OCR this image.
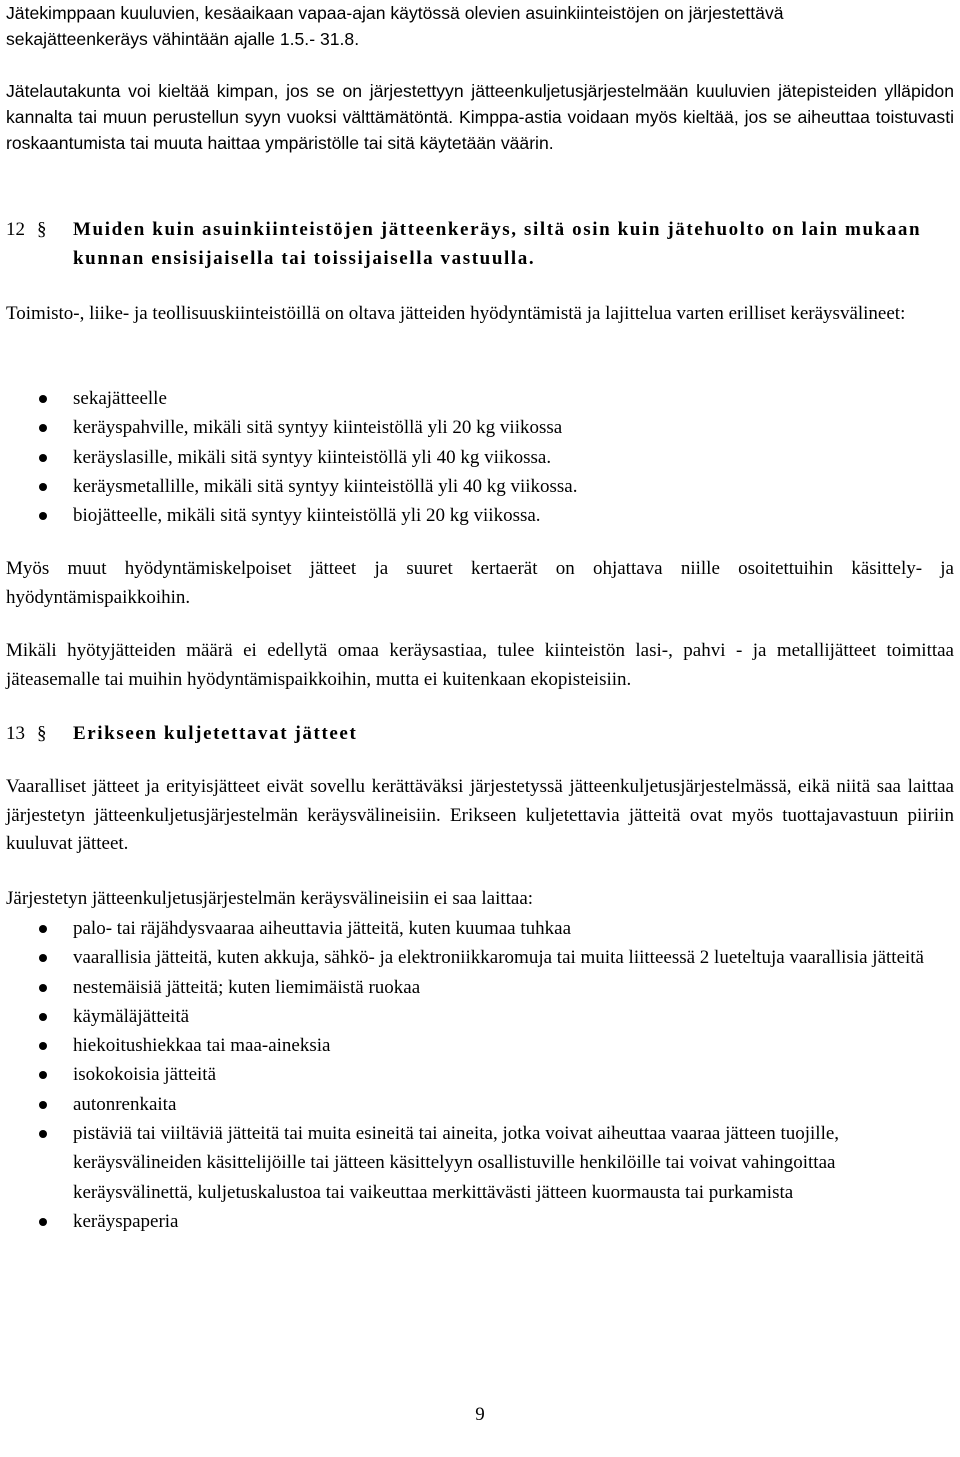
Jätekimppaan kuuluvien, kesäaikaan vapaa-ajan käytössä olevien asuinkiinteistöjen on järjestettävä

sekajätteenkeräys vähintään ajalle 1.5.- 31.8.

Jätelautakunta voi kieltää kimpan, jos se on järjestettyyn jätteenkuljetusjärjestelmään kuuluvien jätepisteiden ylläpidon kannalta tai muun perustellun syyn vuoksi välttämätöntä. Kimppa-astia voidaan myös kieltää, jos se aiheuttaa toistuvasti roskaantumista tai muuta haittaa ympäristölle tai sitä käytetään väärin.

12 § Muiden kuin asuinkiinteistöjen jätteenkeräys, siltä osin kuin jätehuolto on lain mukaan kunnan ensisijaisella tai toissijaisella vastuulla.

Toimisto-, liike- ja teollisuuskiinteistöillä on oltava jätteiden hyödyntämistä ja lajittelua varten erilliset keräysvälineet:

sekajätteelle
keräyspahville, mikäli sitä syntyy kiinteistöllä yli 20 kg viikossa
keräyslasille, mikäli sitä syntyy kiinteistöllä yli 40 kg viikossa.
keräysmetallille, mikäli sitä syntyy kiinteistöllä yli 40 kg viikossa.
biojätteelle, mikäli sitä syntyy kiinteistöllä yli 20 kg viikossa.

Myös muut hyödyntämiskelpoiset jätteet ja suuret kertaerät on ohjattava niille osoitettuihin käsittely- ja hyödyntämispaikkoihin.

Mikäli hyötyjätteiden määrä ei edellytä omaa keräysastiaa, tulee kiinteistön lasi-, pahvi - ja metallijätteet toimittaa jäteasemalle tai muihin hyödyntämispaikkoihin, mutta ei kuitenkaan ekopisteisiin.

13 § Erikseen kuljetettavat jätteet

Vaaralliset jätteet ja erityisjätteet eivät sovellu kerättäväksi järjestetyssä jätteenkuljetusjärjestelmässä, eikä niitä saa laittaa järjestetyn jätteenkuljetusjärjestelmän keräysvälineisiin. Erikseen kuljetettavia jätteitä ovat myös tuottajavastuun piiriin kuuluvat jätteet.

Järjestetyn jätteenkuljetusjärjestelmän keräysvälineisiin ei saa laittaa:

palo- tai räjähdysvaaraa aiheuttavia jätteitä, kuten kuumaa tuhkaa
vaarallisia jätteitä, kuten akkuja, sähkö- ja elektroniikkaromuja tai muita liitteessä 2 lueteltuja vaarallisia jätteitä
nestemäisiä jätteitä; kuten liemimäistä ruokaa
käymäläjätteitä
hiekoitushiekkaa tai maa-aineksia
isokokoisia jätteitä
autonrenkaita
pistäviä tai viiltäviä jätteitä tai muita esineitä tai aineita, jotka voivat aiheuttaa vaaraa jätteen tuojille, keräysvälineiden käsittelijöille tai jätteen käsittelyyn osallistuville henkilöille tai voivat vahingoittaa keräysvälinettä, kuljetuskalustoa tai vaikeuttaa merkittävästi jätteen kuormausta tai purkamista
keräyspaperia
9
